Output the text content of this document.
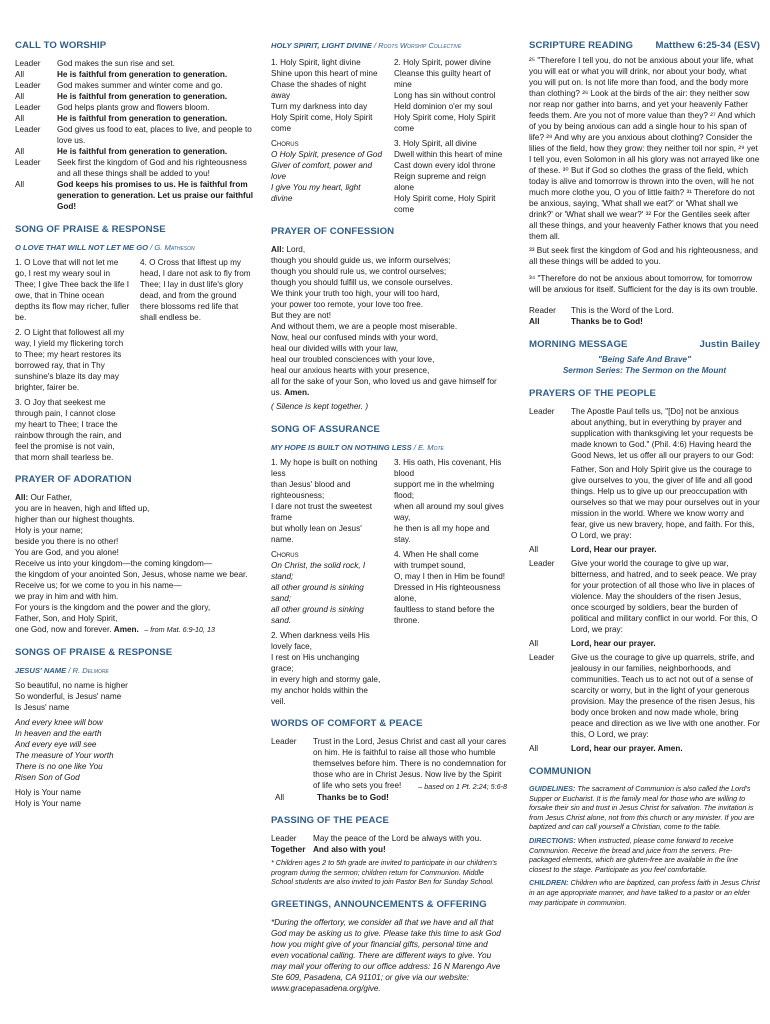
CALL TO WORSHIP
Leader	God makes the sun rise and set.
All	He is faithful from generation to generation.
Leader	God makes summer and winter come and go.
All	He is faithful from generation to generation.
Leader	God helps plants grow and flowers bloom.
All	He is faithful from generation to generation.
Leader	God gives us food to eat, places to live, and people to love us.
All	He is faithful from generation to generation.
Leader	Seek first the kingdom of God and his righteousness and all these things shall be added to you!
All	God keeps his promises to us. He is faithful from generation to generation. Let us praise our faithful God!
SONG OF PRAISE & RESPONSE
O LOVE THAT WILL NOT LET ME GO / G. Matheson
1. O Love that will not let me go, I rest my weary soul in Thee; I give Thee back the life I owe, that in Thine ocean depths its flow may richer, fuller be.
4. O Cross that liftest up my head, I dare not ask to fly from Thee; I lay in dust life's glory dead, and from the ground there blossoms red life that shall endless be.
2. O Light that followest all my way, I yield my flickering torch to Thee; my heart restores its borrowed ray, that in Thy sunshine's blaze its day may brighter, fairer be.
3. O Joy that seekest me through pain, I cannot close my heart to Thee; I trace the rainbow through the rain, and feel the promise is not vain, that morn shall tearless be.
PRAYER OF ADORATION

All: Our Father,

you are in heaven, high and lifted up,
higher than our highest thoughts.
Holy is your name;
beside you there is no other!
You are God, and you alone!
Receive us into your kingdom—the coming kingdom—
the kingdom of your anointed Son, Jesus, whose name we bear.
Receive us; for we come to you in his name—
we pray in him and with him.
For yours is the kingdom and the power and the glory,
Father, Son, and Holy Spirit,

one God, now and forever. Amen. – from Mat. 6:9-10, 13

SONGS OF PRAISE & RESPONSE
JESUS' NAME / R. Delmore
So beautiful, no name is higher
So wonderful, is Jesus' name
Is Jesus' name
And every knee will bow
In heaven and the earth
And every eye will see
The measure of Your worth
There is no one like You
Risen Son of God
Holy is Your name
Holy is Your name
HOLY SPIRIT, LIGHT DIVINE / Roots Worship Collective
1. Holy Spirit, light divine
Shine upon this heart of mine
Chase the shades of night away
Turn my darkness into day
Holy Spirit come, Holy Spirit come
Chorus
O Holy Spirit, presence of God
Giver of comfort, power and love
I give You my heart, light divine
2. Holy Spirit, power divine
Cleanse this guilty heart of mine
Long has sin without control
Held dominion o'er my soul
Holy Spirit come, Holy Spirit come
3. Holy Spirit, all divine
Dwell within this heart of mine
Cast down every idol throne
Reign supreme and reign alone
Holy Spirit come, Holy Spirit come
PRAYER OF CONFESSION

All: Lord,

though you should guide us, we inform ourselves;
though you should rule us, we control ourselves;
though you should fulfill us, we console ourselves.
We think your truth too high, your will too hard,
your power too remote, your love too free.
But they are not!
And without them, we are a people most miserable.
Now, heal our confused minds with your word,
heal our divided wills with your law,
heal our troubled consciences with your love,
heal our anxious hearts with your presence,

all for the sake of your Son, who loved us and gave himself for us. Amen.

( Silence is kept together. )

SONG OF ASSURANCE
MY HOPE IS BUILT ON NOTHING LESS / E. Mote
1. My hope is built on nothing less
than Jesus' blood and righteousness;
I dare not trust the sweetest frame
but wholly lean on Jesus' name.
Chorus
On Christ, the solid rock, I stand;
all other ground is sinking sand;
all other ground is sinking sand.
2. When darkness veils His lovely face,
I rest on His unchanging grace;
in every high and stormy gale,
my anchor holds within the veil.
3. His oath, His covenant, His blood
support me in the whelming flood;
when all around my soul gives way,
he then is all my hope and stay.
4. When He shall come
with trumpet sound,
O, may I then in Him be found!
Dressed in His righteousness alone,
faultless to stand before the throne.
WORDS OF COMFORT & PEACE
Leader	Trust in the Lord, Jesus Christ and cast all your cares on him. He is faithful to raise all those who humble themselves before him. There is no condemnation for those who are in Christ Jesus. Now live by the Spirit of life who sets you free!	– based on 1 Pt. 2:24; 5:6-8
All	Thanks be to God!
PASSING OF THE PEACE
Leader	May the peace of the Lord be always with you.
Together And also with you!

* Children ages 2 to 5th grade are invited to participate in our children's program during the sermon; children return for Communion. Middle School students are also invited to join Pastor Ben for Sunday School.

GREETINGS, ANNOUNCEMENTS & OFFERING

*During the offertory, we consider all that we have and all that God may be asking us to give. Please take this time to ask God how you might give of your financial gifts, personal time and even vocational calling. There are different ways to give. You may mail your offering to our office address: 16 N Marengo Ave Ste 609, Pasadena, CA 91101; or give via our website: www.gracepasadena.org/give.

SCRIPTURE READING Matthew 6:25-34 (ESV)

²⁵ "Therefore I tell you, do not be anxious about your life, what you will eat or what you will drink, nor about your body, what you will put on. Is not life more than food, and the body more than clothing? ²⁶ Look at the birds of the air: they neither sow nor reap nor gather into barns, and yet your heavenly Father feeds them. Are you not of more value than they? ²⁷ And which of you by being anxious can add a single hour to his span of life? ²⁸ And why are you anxious about clothing? Consider the lilies of the field, how they grow: they neither toil nor spin, ²⁹ yet I tell you, even Solomon in all his glory was not arrayed like one of these. ³⁰ But if God so clothes the grass of the field, which today is alive and tomorrow is thrown into the oven, will he not much more clothe you, O you of little faith? ³¹ Therefore do not be anxious, saying, 'What shall we eat?' or 'What shall we drink?' or 'What shall we wear?' ³² For the Gentiles seek after all these things, and your heavenly Father knows that you need them all.

³³ But seek first the kingdom of God and his righteousness, and all these things will be added to you.

³⁴ "Therefore do not be anxious about tomorrow, for tomorrow will be anxious for itself. Sufficient for the day is its own trouble.

Reader	This is the Word of the Lord.
All	Thanks be to God!
MORNING MESSAGE	Justin Bailey
"Being Safe And Brave"
Sermon Series: The Sermon on the Mount
PRAYERS OF THE PEOPLE
Leader	The Apostle Paul tells us, "[Do] not be anxious about anything, but in everything by prayer and supplication with thanksgiving let your requests be made known to God." (Phil. 4:6) Having heard the Good News, let us offer all our prayers to our God:
Father, Son and Holy Spirit give us the courage to give ourselves to you, the giver of life and all good things. Help us to give up our preoccupation with ourselves so that we may pour ourselves out in your mission in the world. Where we know worry and fear, give us new bravery, hope, and faith. For this, O Lord, we pray:
All	Lord, Hear our prayer.
Leader	Give your world the courage to give up war, bitterness, and hatred, and to seek peace. We pray for your protection of all those who live in places of violence. May the shoulders of the risen Jesus, once scourged by soldiers, bear the burden of political and military conflict in our world. For this, O Lord, we pray:
All	Lord, hear our prayer.
Leader	Give us the courage to give up quarrels, strife, and jealousy in our families, neighborhoods, and communities. Teach us to act not out of a sense of scarcity or worry, but in the light of your generous provision. May the presence of the risen Jesus, his body once broken and now made whole, bring peace and direction as we live with one another. For this, O Lord, we pray:
All	Lord, hear our prayer. Amen.
COMMUNION

GUIDELINES: The sacrament of Communion is also called the Lord's Supper or Eucharist. It is the family meal for those who are willing to forsake their sin and trust in Jesus Christ for salvation. The invitation is from Jesus Christ alone, not from this church or any minister. If you are baptized and can call yourself a Christian, come to the table.

DIRECTIONS: When instructed, please come forward to receive Communion. Receive the bread and juice from the servers. Pre-packaged elements, which are gluten-free are available in the line closest to the stage. Participate as you feel comfortable.

CHILDREN: Children who are baptized, can profess faith in Jesus Christ in an age appropriate manner, and have talked to a pastor or an elder may participate in communion.
